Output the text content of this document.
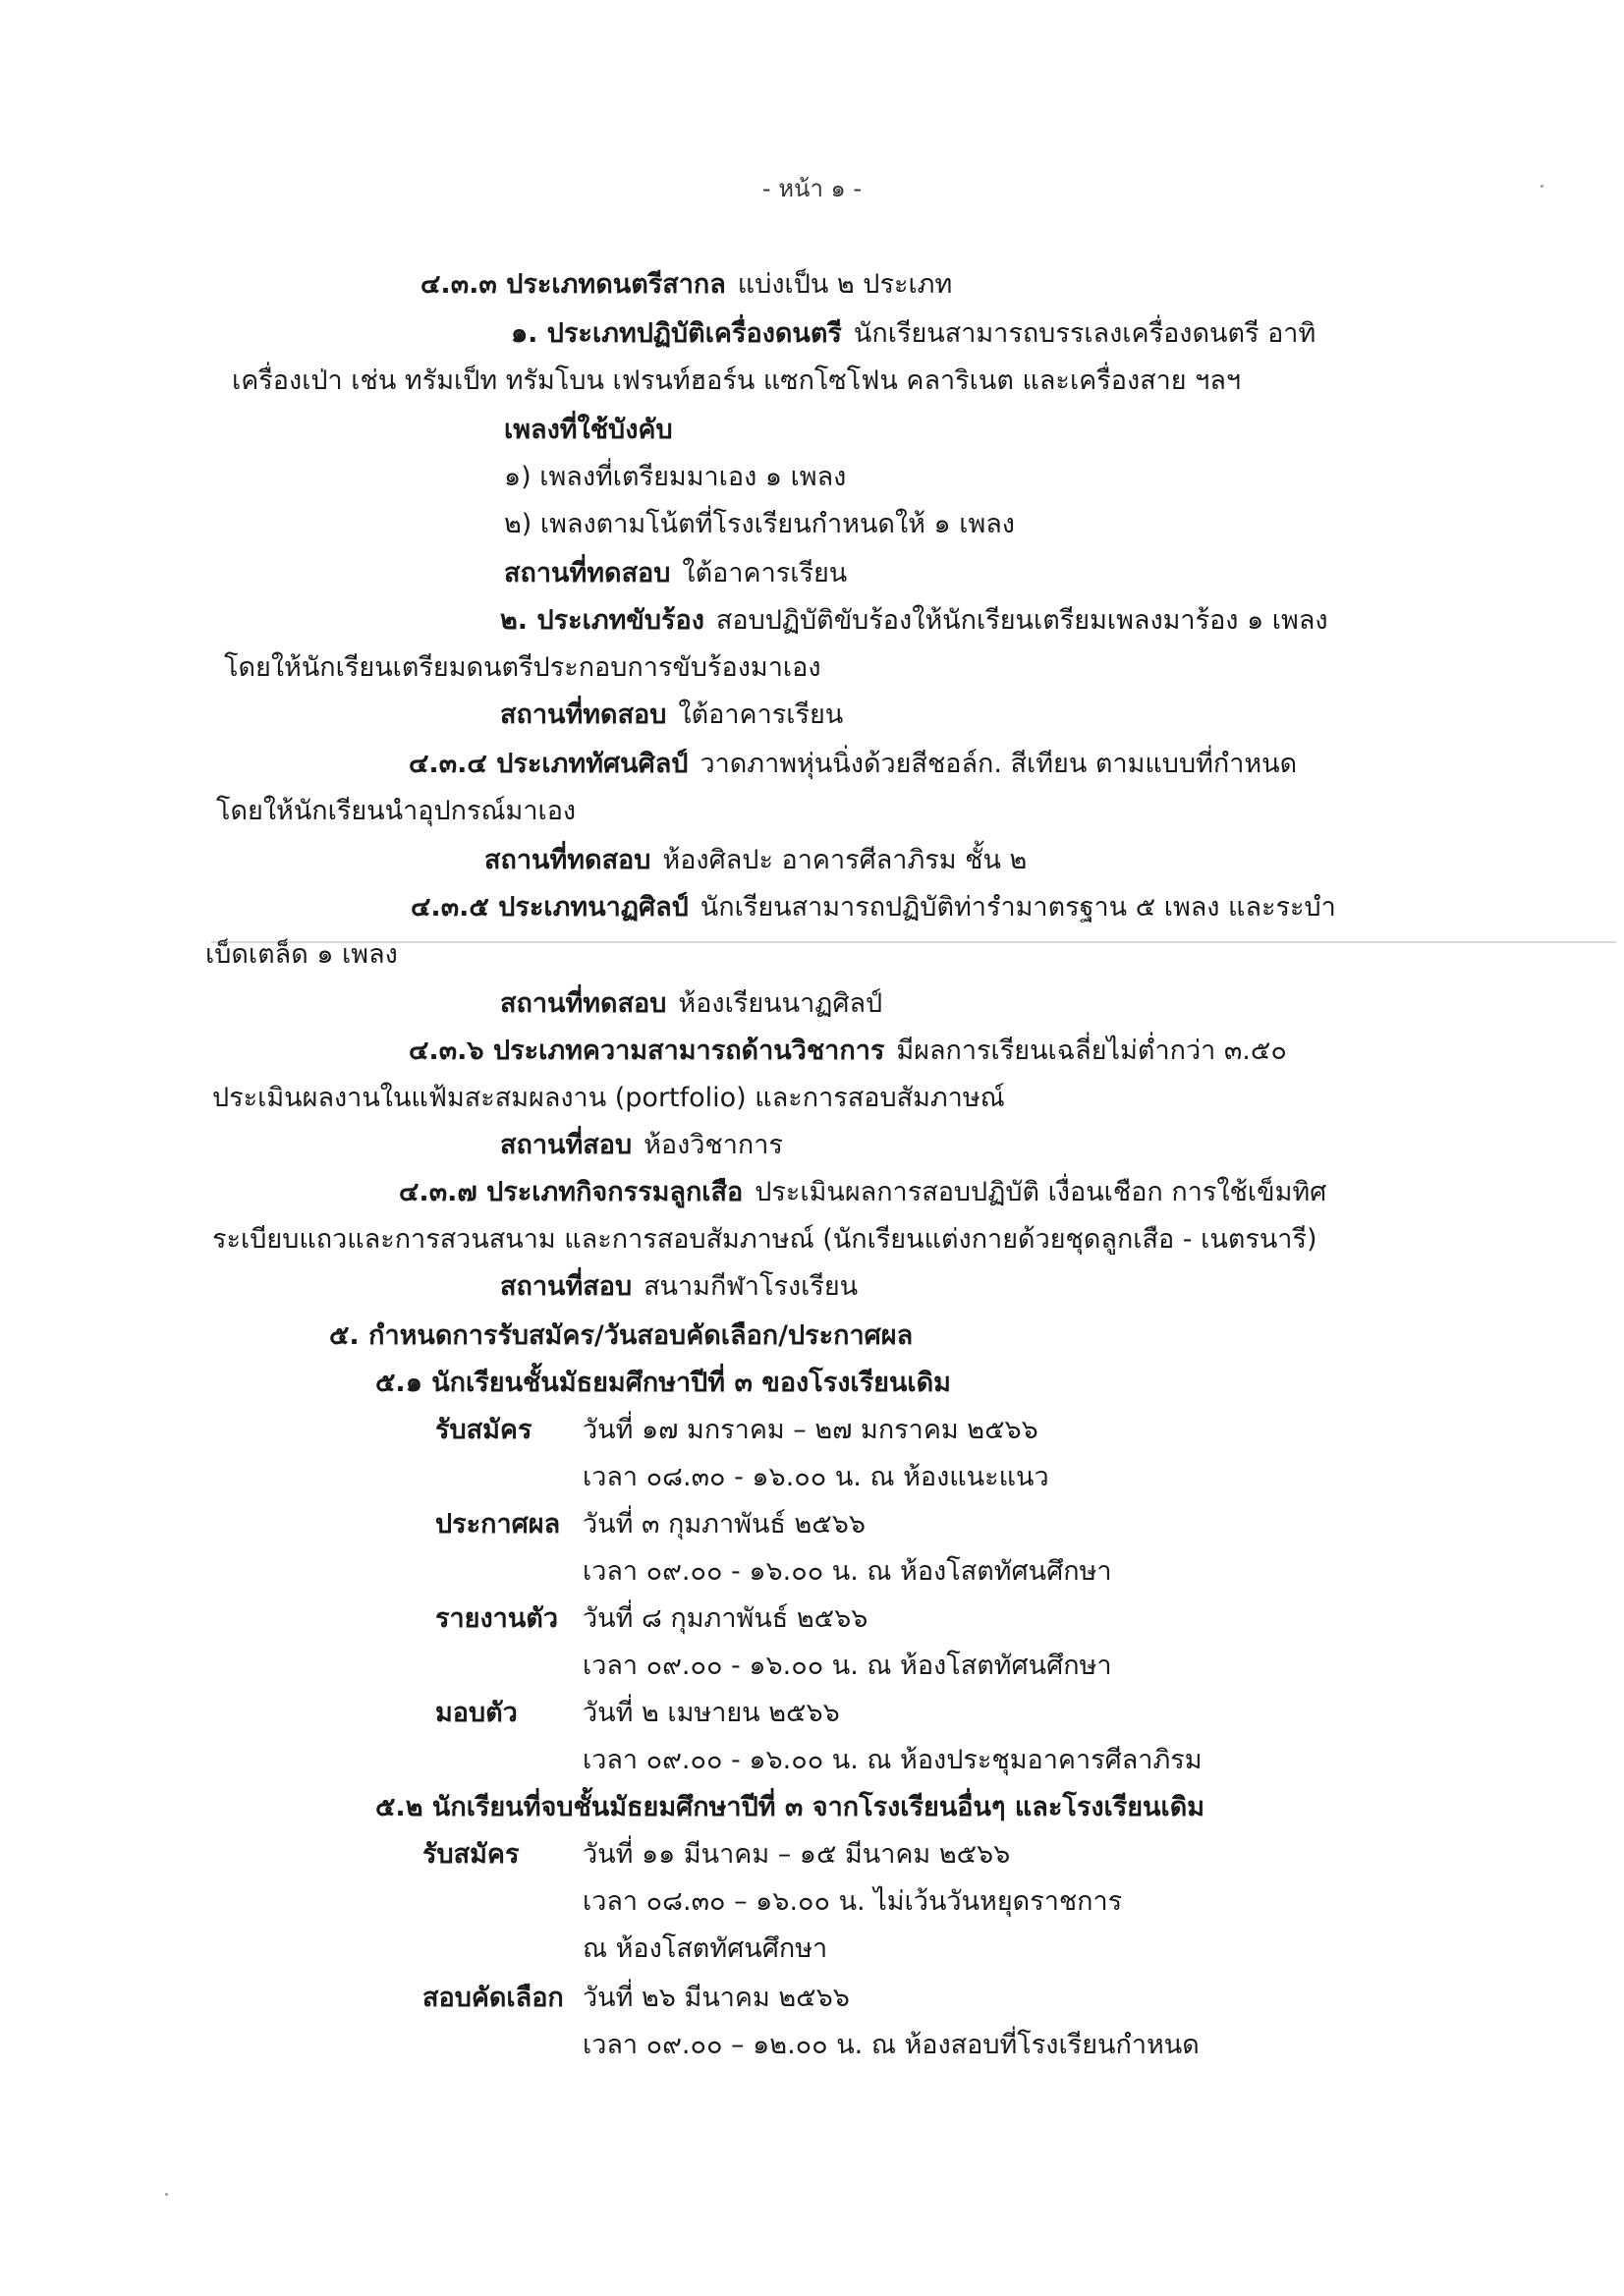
- หน้า ๑ -
๔.๓.๓ ประเภทดนตรีสากล แบ่งเป็น ๒ ประเภท
๑. ประเภทปฏิบัติเครื่องดนตรี นักเรียนสามารถบรรเลงเครื่องดนตรี อาทิ
เครื่องเป่า เช่น ทรัมเป็ท ทรัมโบน เฟรนท์ฮอร์น แซกโซโฟน คลาริเนต และเครื่องสาย ฯลฯ
เพลงที่ใช้บังคับ
๑) เพลงที่เตรียมมาเอง ๑ เพลง
๒) เพลงตามโน้ตที่โรงเรียนกำหนดให้ ๑ เพลง
สถานที่ทดสอบ ใต้อาคารเรียน
๒. ประเภทขับร้อง สอบปฏิบัติขับร้องให้นักเรียนเตรียมเพลงมาร้อง ๑ เพลง
โดยให้นักเรียนเตรียมดนตรีประกอบการขับร้องมาเอง
สถานที่ทดสอบ ใต้อาคารเรียน
๔.๓.๔ ประเภททัศนศิลป์ วาดภาพหุ่นนิ่งด้วยสีชอล์ก. สีเทียน ตามแบบที่กำหนด
โดยให้นักเรียนนำอุปกรณ์มาเอง
สถานที่ทดสอบ ห้องศิลปะ อาคารศีลาภิรม ชั้น ๒
๔.๓.๕ ประเภทนาฏศิลป์ นักเรียนสามารถปฏิบัติท่ารำมาตรฐาน ๕ เพลง และระบำ
เบ็ดเตล็ด ๑ เพลง
สถานที่ทดสอบ ห้องเรียนนาฏศิลป์
๔.๓.๖ ประเภทความสามารถด้านวิชาการ มีผลการเรียนเฉลี่ยไม่ต่ำกว่า ๓.๕๐
ประเมินผลงานในแฟ้มสะสมผลงาน (portfolio) และการสอบสัมภาษณ์
สถานที่สอบ ห้องวิชาการ
๔.๓.๗ ประเภทกิจกรรมลูกเสือ ประเมินผลการสอบปฏิบัติ เงื่อนเชือก การใช้เข็มทิศ
ระเบียบแถวและการสวนสนาม และการสอบสัมภาษณ์ (นักเรียนแต่งกายด้วยชุดลูกเสือ - เนตรนารี)
สถานที่สอบ สนามกีฬาโรงเรียน
๕. กำหนดการรับสมัคร/วันสอบคัดเลือก/ประกาศผล
๕.๑ นักเรียนชั้นมัธยมศึกษาปีที่ ๓ ของโรงเรียนเดิม
รับสมัคร วันที่ ๑๗ มกราคม – ๒๗ มกราคม ๒๕๖๖
เวลา ๐๘.๓๐ - ๑๖.๐๐ น. ณ ห้องแนะแนว
ประกาศผล วันที่ ๓ กุมภาพันธ์ ๒๕๖๖
เวลา ๐๙.๐๐ - ๑๖.๐๐ น. ณ ห้องโสตทัศนศึกษา
รายงานตัว วันที่ ๘ กุมภาพันธ์ ๒๕๖๖
เวลา ๐๙.๐๐ - ๑๖.๐๐ น. ณ ห้องโสตทัศนศึกษา
มอบตัว วันที่ ๒ เมษายน ๒๕๖๖
เวลา ๐๙.๐๐ - ๑๖.๐๐ น. ณ ห้องประชุมอาคารศีลาภิรม
๕.๒ นักเรียนที่จบชั้นมัธยมศึกษาปีที่ ๓ จากโรงเรียนอื่นๆ และโรงเรียนเดิม
รับสมัคร วันที่ ๑๑ มีนาคม – ๑๕ มีนาคม ๒๕๖๖
เวลา ๐๘.๓๐ – ๑๖.๐๐ น. ไม่เว้นวันหยุดราชการ
ณ ห้องโสตทัศนศึกษา
สอบคัดเลือก วันที่ ๒๖ มีนาคม ๒๕๖๖
เวลา ๐๙.๐๐ – ๑๒.๐๐ น. ณ ห้องสอบที่โรงเรียนกำหนด
